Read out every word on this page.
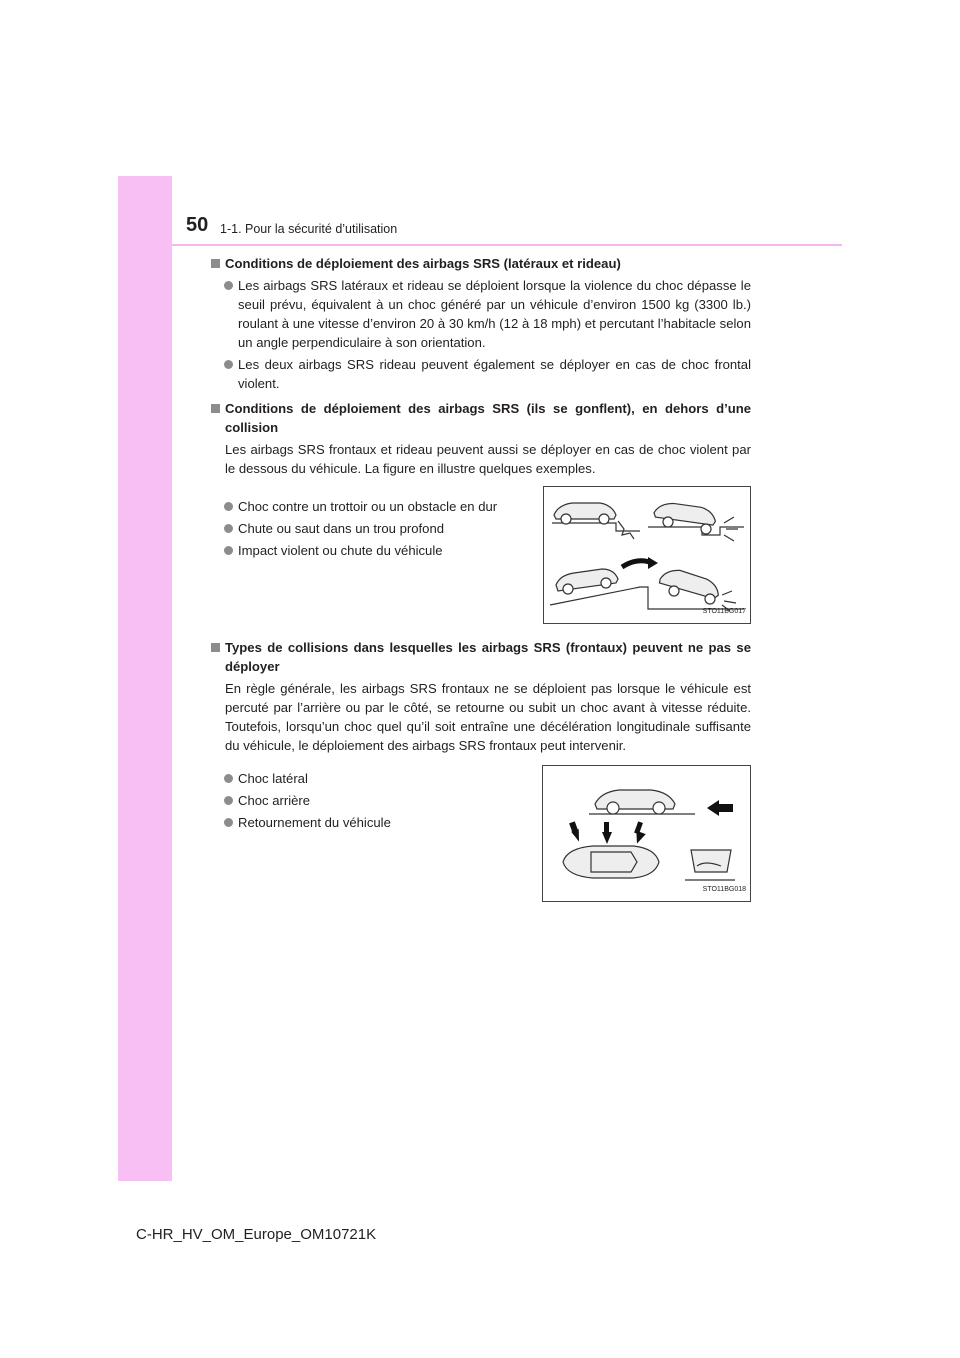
50 1-1. Pour la sécurité d’utilisation
Conditions de déploiement des airbags SRS (latéraux et rideau)
Les airbags SRS latéraux et rideau se déploient lorsque la violence du choc dépasse le seuil prévu, équivalent à un choc généré par un véhicule d’environ 1500 kg (3300 lb.) roulant à une vitesse d’environ 20 à 30 km/h (12 à 18 mph) et percutant l’habitacle selon un angle perpendiculaire à son orientation.
Les deux airbags SRS rideau peuvent également se déployer en cas de choc frontal violent.
Conditions de déploiement des airbags SRS (ils se gonflent), en dehors d’une collision
Les airbags SRS frontaux et rideau peuvent aussi se déployer en cas de choc violent par le dessous du véhicule. La figure en illustre quelques exemples.
Choc contre un trottoir ou un obstacle en dur
Chute ou saut dans un trou profond
Impact violent ou chute du véhicule
STO11BG017
Types de collisions dans lesquelles les airbags SRS (frontaux) peuvent ne pas se déployer
En règle générale, les airbags SRS frontaux ne se déploient pas lorsque le véhicule est percuté par l’arrière ou par le côté, se retourne ou subit un choc avant à vitesse réduite. Toutefois, lorsqu’un choc quel qu’il soit entraîne une décélération longitudinale suffisante du véhicule, le déploiement des airbags SRS frontaux peut intervenir.
Choc latéral
Choc arrière
Retournement du véhicule
STO11BG018
C-HR_HV_OM_Europe_OM10721K
